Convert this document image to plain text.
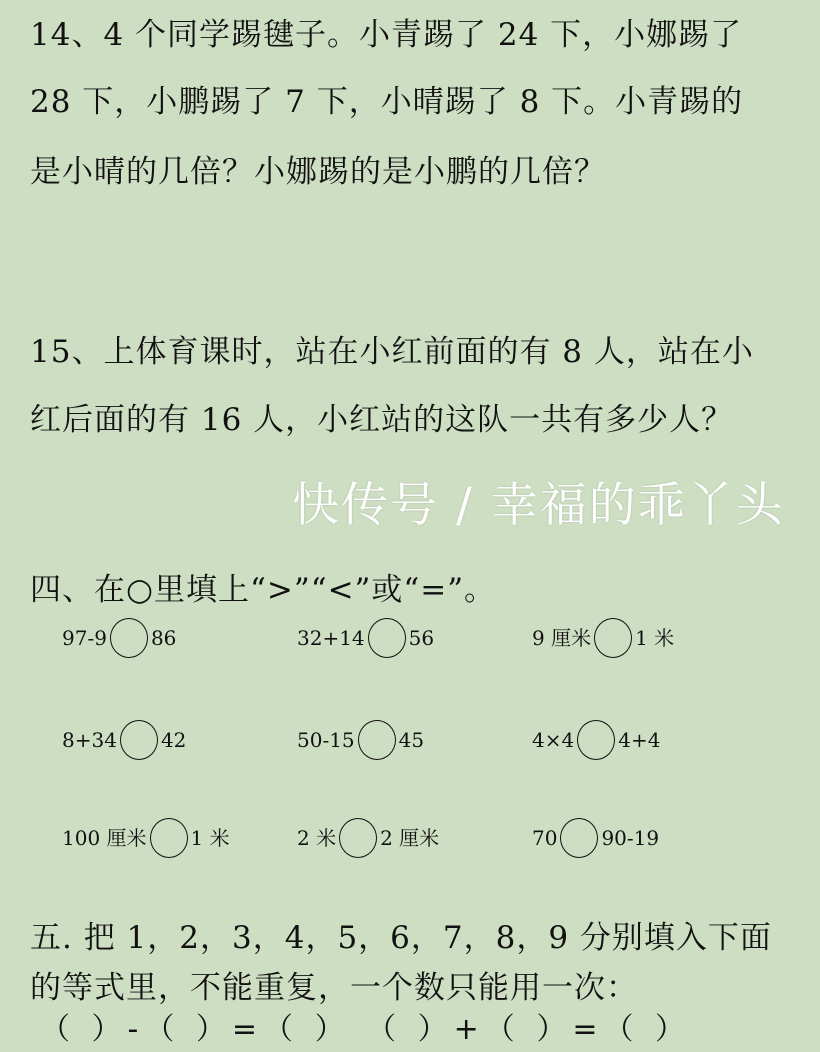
14、4 个同学踢毽子。小青踢了 24 下，小娜踢了
28 下，小鹏踢了 7 下，小晴踢了 8 下。小青踢的
是小晴的几倍？小娜踢的是小鹏的几倍？
15、上体育课时，站在小红前面的有 8 人，站在小
红后面的有 16 人，小红站的这队一共有多少人？
快传号 / 幸福的乖丫头
四、在○里填上“>”“<”或“=”。
97-9 86	32+14 56	9 厘米 1 米
8+34 42	50-15 45	4×4 4+4
100 厘米 1 米	2 米 2 厘米	70 90-19
五. 把 1，2，3，4，5，6，7，8，9 分别填入下面
的等式里，不能重复，一个数只能用一次：
（ ）-（ ）=（ ） （ ）+（ ）=（ ）
